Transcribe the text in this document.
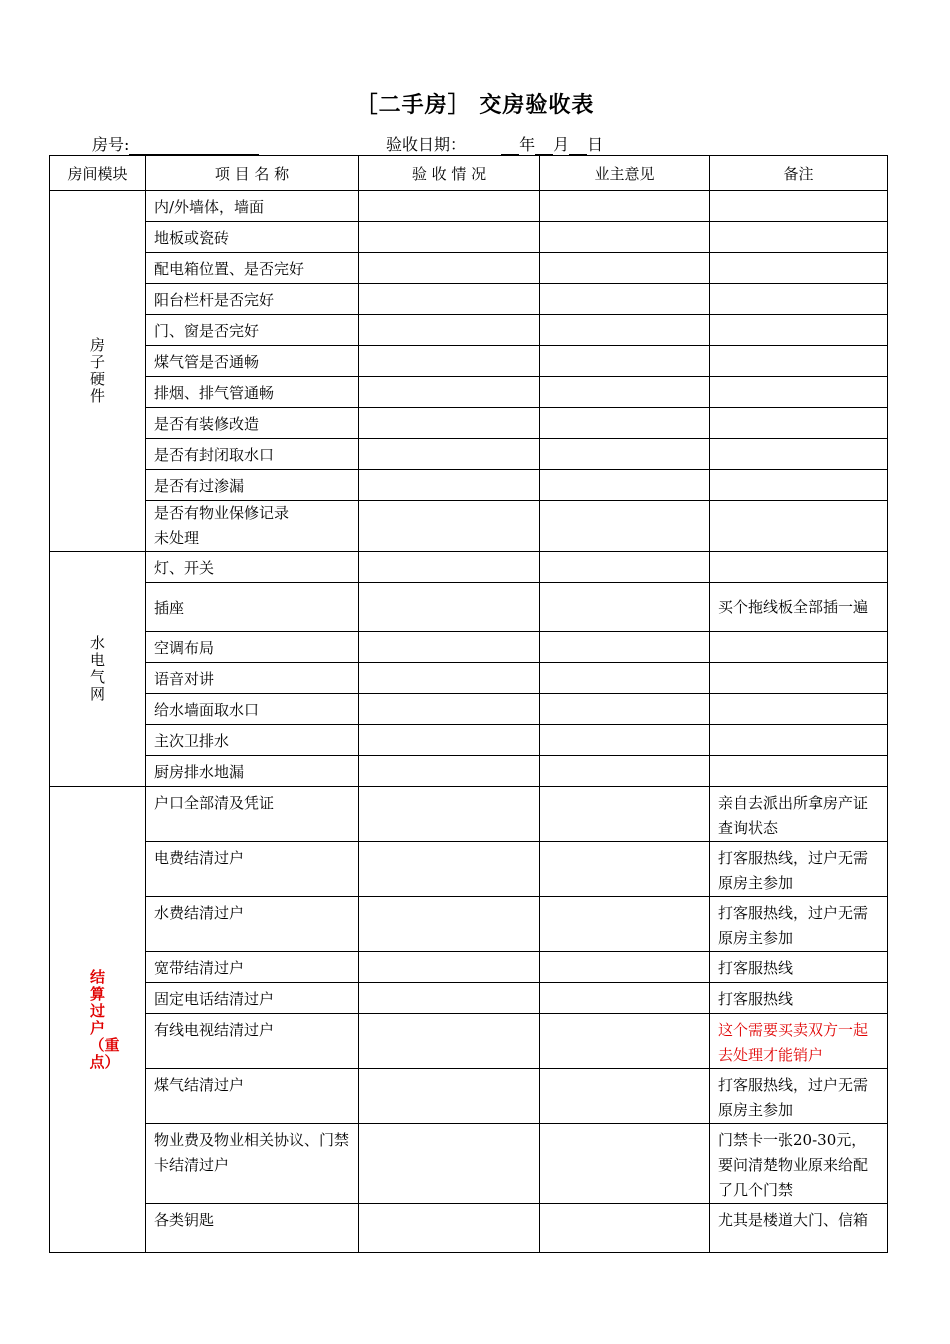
［二手房］ 交房验收表
房号:	验收日期：	年 月 日
房间模块	项 目 名 称	验 收 情 况	业主意见	备注
房子硬件	内/外墙体，墙面			
	地板或瓷砖			
	配电箱位置、是否完好			
	阳台栏杆是否完好			
	门、窗是否完好			
	煤气管是否通畅			
	排烟、排气管通畅			
	是否有装修改造			
	是否有封闭取水口			
	是否有过渗漏			
	是否有物业保修记录
未处理			
水电气网	灯、开关			
	插座			买个拖线板全部插一遍
	空调布局			
	语音对讲			
	给水墙面取水口			
	主次卫排水			
	厨房排水地漏			
结算过户（重点）	户口全部清及凭证			亲自去派出所拿房产证查询状态
	电费结清过户			打客服热线，过户无需原房主参加
	水费结清过户			打客服热线，过户无需原房主参加
	宽带结清过户			打客服热线
	固定电话结清过户			打客服热线
	有线电视结清过户			这个需要买卖双方一起去处理才能销户
	煤气结清过户			打客服热线，过户无需原房主参加
	物业费及物业相关协议、门禁卡结清过户			门禁卡一张20-30元，要问清楚物业原来给配了几个门禁
	各类钥匙			尤其是楼道大门、信箱
